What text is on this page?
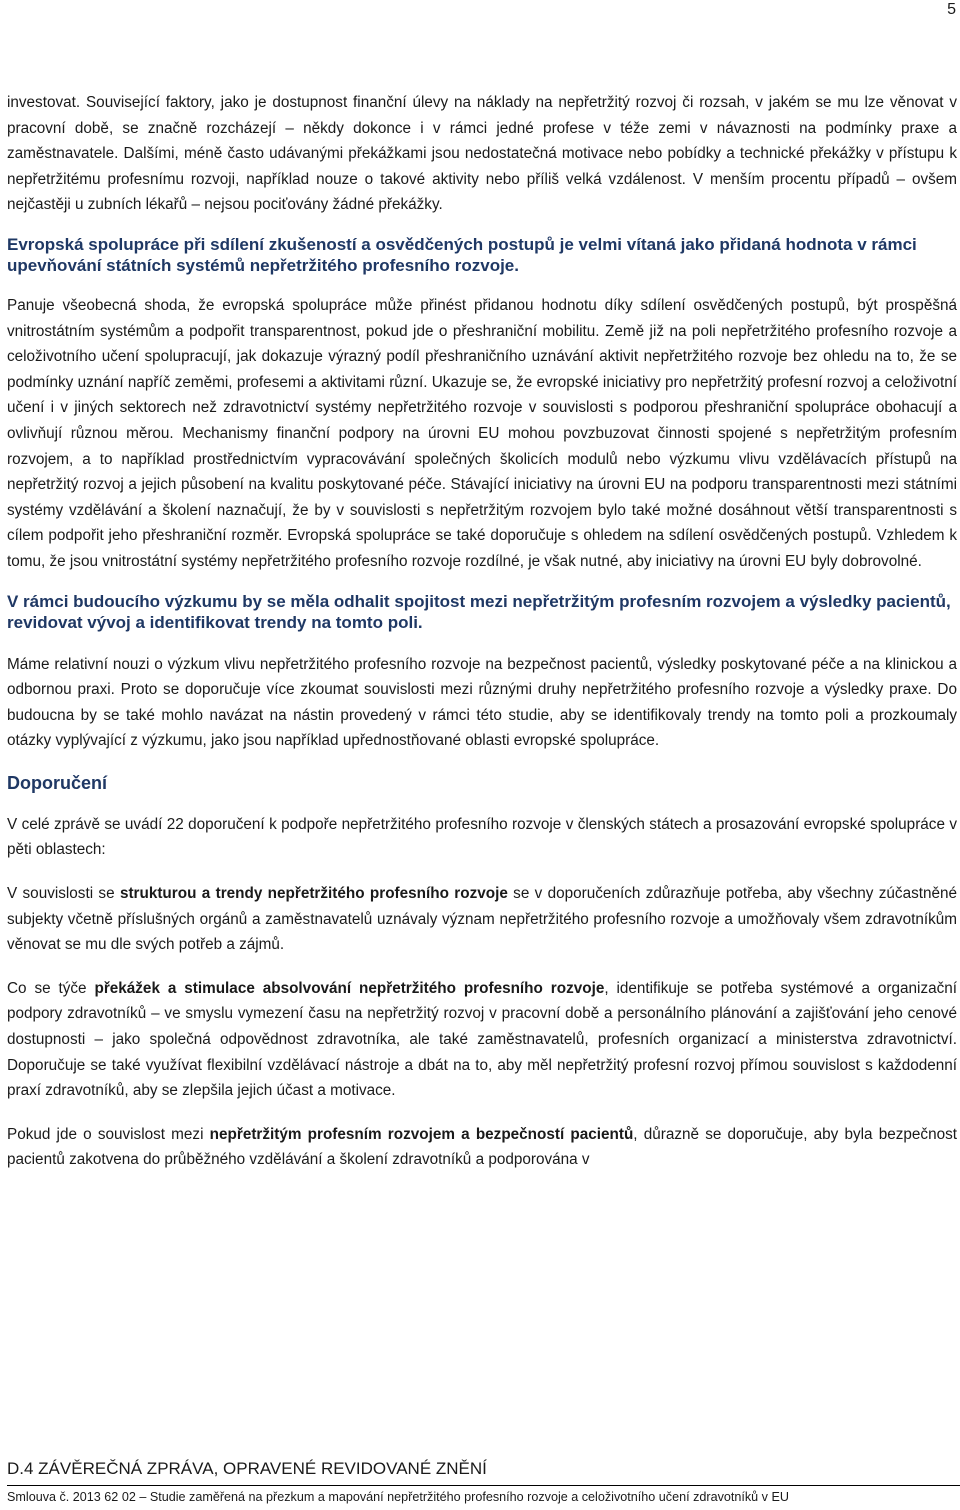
5

investovat. Související faktory, jako je dostupnost finanční úlevy na náklady na nepřetržitý rozvoj či rozsah, v jakém se mu lze věnovat v pracovní době, se značně rozcházejí – někdy dokonce i v rámci jedné profese v téže zemi v návaznosti na podmínky praxe a zaměstnavatele. Dalšími, méně často udávanými překážkami jsou nedostatečná motivace nebo pobídky a technické překážky v přístupu k nepřetržitému profesnímu rozvoji, například nouze o takové aktivity nebo příliš velká vzdálenost. V menším procentu případů – ovšem nejčastěji u zubních lékařů – nejsou pociťovány žádné překážky.

Evropská spolupráce při sdílení zkušeností a osvědčených postupů je velmi vítaná jako přidaná hodnota v rámci upevňování státních systémů nepřetržitého profesního rozvoje.

Panuje všeobecná shoda, že evropská spolupráce může přinést přidanou hodnotu díky sdílení osvědčených postupů, být prospěšná vnitrostátním systémům a podpořit transparentnost, pokud jde o přeshraniční mobilitu. Země již na poli nepřetržitého profesního rozvoje a celoživotního učení spolupracují, jak dokazuje výrazný podíl přeshraničního uznávání aktivit nepřetržitého rozvoje bez ohledu na to, že se podmínky uznání napříč zeměmi, profesemi a aktivitami různí. Ukazuje se, že evropské iniciativy pro nepřetržitý profesní rozvoj a celoživotní učení i v jiných sektorech než zdravotnictví systémy nepřetržitého rozvoje v souvislosti s podporou přeshraniční spolupráce obohacují a ovlivňují různou měrou. Mechanismy finanční podpory na úrovni EU mohou povzbuzovat činnosti spojené s nepřetržitým profesním rozvojem, a to například prostřednictvím vypracovávání společných školicích modulů nebo výzkumu vlivu vzdělávacích přístupů na nepřetržitý rozvoj a jejich působení na kvalitu poskytované péče. Stávající iniciativy na úrovni EU na podporu transparentnosti mezi státními systémy vzdělávání a školení naznačují, že by v souvislosti s nepřetržitým rozvojem bylo také možné dosáhnout větší transparentnosti s cílem podpořit jeho přeshraniční rozměr. Evropská spolupráce se také doporučuje s ohledem na sdílení osvědčených postupů. Vzhledem k tomu, že jsou vnitrostátní systémy nepřetržitého profesního rozvoje rozdílné, je však nutné, aby iniciativy na úrovni EU byly dobrovolné.

V rámci budoucího výzkumu by se měla odhalit spojitost mezi nepřetržitým profesním rozvojem a výsledky pacientů, revidovat vývoj a identifikovat trendy na tomto poli.

Máme relativní nouzi o výzkum vlivu nepřetržitého profesního rozvoje na bezpečnost pacientů, výsledky poskytované péče a na klinickou a odbornou praxi. Proto se doporučuje více zkoumat souvislosti mezi různými druhy nepřetržitého profesního rozvoje a výsledky praxe. Do budoucna by se také mohlo navázat na nástin provedený v rámci této studie, aby se identifikovaly trendy na tomto poli a prozkoumaly otázky vyplývající z výzkumu, jako jsou například upřednostňované oblasti evropské spolupráce.

Doporučení

V celé zprávě se uvádí 22 doporučení k podpoře nepřetržitého profesního rozvoje v členských státech a prosazování evropské spolupráce v pěti oblastech:

V souvislosti se strukturou a trendy nepřetržitého profesního rozvoje se v doporučeních zdůrazňuje potřeba, aby všechny zúčastněné subjekty včetně příslušných orgánů a zaměstnavatelů uznávaly význam nepřetržitého profesního rozvoje a umožňovaly všem zdravotníkům věnovat se mu dle svých potřeb a zájmů.

Co se týče překážek a stimulace absolvování nepřetržitého profesního rozvoje, identifikuje se potřeba systémové a organizační podpory zdravotníků – ve smyslu vymezení času na nepřetržitý rozvoj v pracovní době a personálního plánování a zajišťování jeho cenové dostupnosti – jako společná odpovědnost zdravotníka, ale také zaměstnavatelů, profesních organizací a ministerstva zdravotnictví. Doporučuje se také využívat flexibilní vzdělávací nástroje a dbát na to, aby měl nepřetržitý profesní rozvoj přímou souvislost s každodenní praxí zdravotníků, aby se zlepšila jejich účast a motivace.

Pokud jde o souvislost mezi nepřetržitým profesním rozvojem a bezpečností pacientů, důrazně se doporučuje, aby byla bezpečnost pacientů zakotvena do průběžného vzdělávání a školení zdravotníků a podporována v

D.4 ZÁVĚREČNÁ ZPRÁVA, OPRAVENÉ REVIDOVANÉ ZNĚNÍ
Smlouva č. 2013 62 02 – Studie zaměřená na přezkum a mapování nepřetržitého profesního rozvoje a celoživotního učení zdravotníků v EU
